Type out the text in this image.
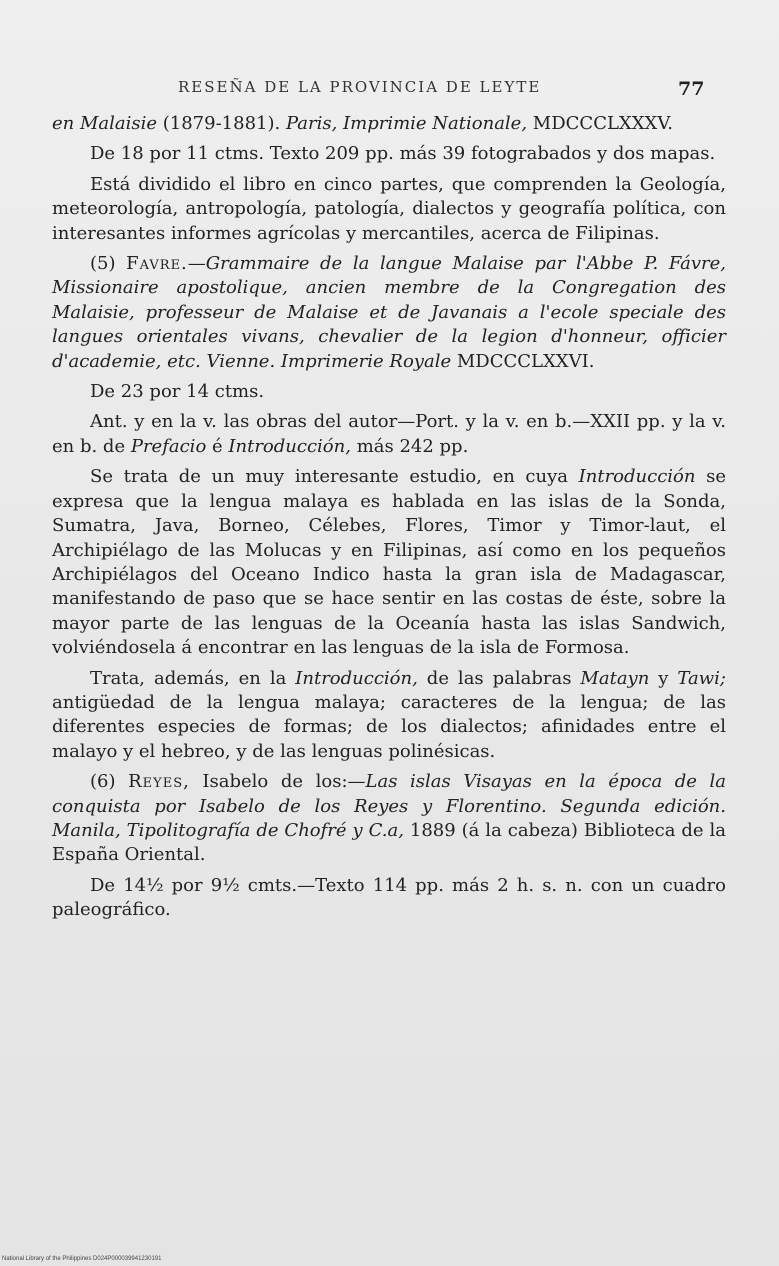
RESEÑA DE LA PROVINCIA DE LEYTE	77

en Malaisie (1879-1881). Paris, Imprimie Nationale, MDCCCLXXXV.

De 18 por 11 ctms. Texto 209 pp. más 39 fotograbados y dos mapas.

Está dividido el libro en cinco partes, que comprenden la Geología, meteorología, antropología, patología, dialectos y geografía política, con interesantes informes agrícolas y mercantiles, acerca de Filipinas.

(5) Favre.—Grammaire de la langue Malaise par l'Abbe P. Fávre, Missionaire apostolique, ancien membre de la Congregation des Malaisie, professeur de Malaise et de Javanais a l'ecole speciale des langues orientales vivans, chevalier de la legion d'honneur, officier d'academie, etc. Vienne. Imprimerie Royale MDCCCLXXVI.

De 23 por 14 ctms.

Ant. y en la v. las obras del autor—Port. y la v. en b.—XXII pp. y la v. en b. de Prefacio é Introducción, más 242 pp.

Se trata de un muy interesante estudio, en cuya Introducción se expresa que la lengua malaya es hablada en las islas de la Sonda, Sumatra, Java, Borneo, Célebes, Flores, Timor y Timor-laut, el Archipiélago de las Molucas y en Filipinas, así como en los pequeños Archipiélagos del Oceano Indico hasta la gran isla de Madagascar, manifestando de paso que se hace sentir en las costas de éste, sobre la mayor parte de las lenguas de la Oceanía hasta las islas Sandwich, volviéndosela á encontrar en las lenguas de la isla de Formosa.

Trata, además, en la Introducción, de las palabras Matayn y Tawi; antigüedad de la lengua malaya; caracteres de la lengua; de las diferentes especies de formas; de los dialectos; afinidades entre el malayo y el hebreo, y de las lenguas polinésicas.

(6) Reyes, Isabelo de los:—Las islas Visayas en la época de la conquista por Isabelo de los Reyes y Florentino. Segunda edición. Manila, Tipolitografía de Chofré y C.a, 1889 (á la cabeza) Biblioteca de la España Oriental.

De 14½ por 9½ cmts.—Texto 114 pp. más 2 h. s. n. con un cuadro paleográfico.

National Library of the Philippines D024P000039941230191
